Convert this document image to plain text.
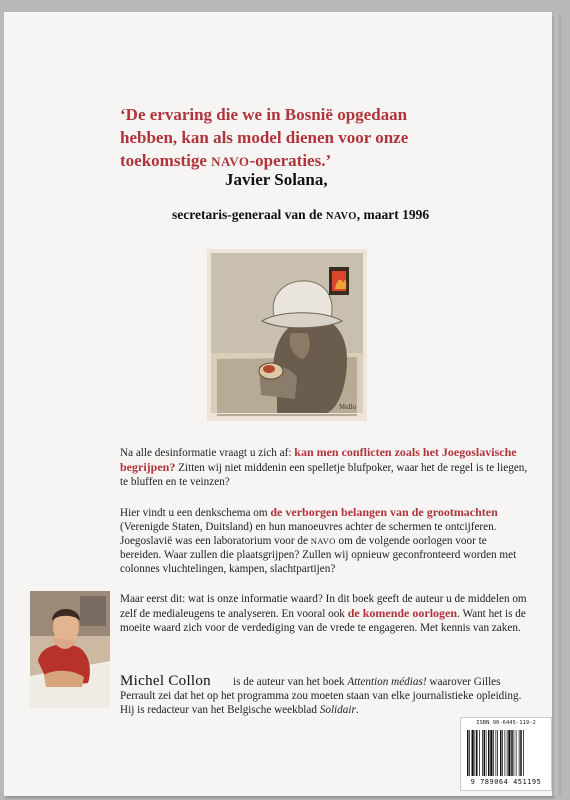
‘De ervaring die we in Bosnië opgedaan
hebben, kan als model dienen voor onze
toekomstige NAVO-operaties.’
Javier Solana,
secretaris-generaal van de NAVO, maart 1996
Mello
Na alle desinformatie vraagt u zich af: kan men conflicten zoals het Joegoslavische begrijpen? Zitten wij niet middenin een spelletje blufpoker, waar het de regel is te liegen, te bluffen en te veinzen?
Hier vindt u een denkschema om de verborgen belangen van de grootmachten (Verenigde Staten, Duitsland) en hun manoeuvres achter de schermen te ontcijferen. Joegoslavië was een laboratorium voor de NAVO om de volgende oorlogen voor te bereiden. Waar zullen die plaatsgrijpen? Zullen wij opnieuw geconfronteerd worden met colonnes vluchtelingen, kampen, slachtpartijen?
Maar eerst dit: wat is onze informatie waard? In dit boek geeft de auteur u de middelen om zelf de medialeugens te analyseren. En vooral ook de komende oorlogen. Want het is de moeite waard zich voor de verdediging van de vrede te engageren. Met kennis van zaken.
Michel Collon	is de auteur van het boek Attention médias! waarover Gilles Perrault zei dat het op het programma zou moeten staan van elke journalistieke opleiding. Hij is redacteur van het Belgische weekblad Solidair.
ISBN 90-6445-119-2
9 789064 451195
